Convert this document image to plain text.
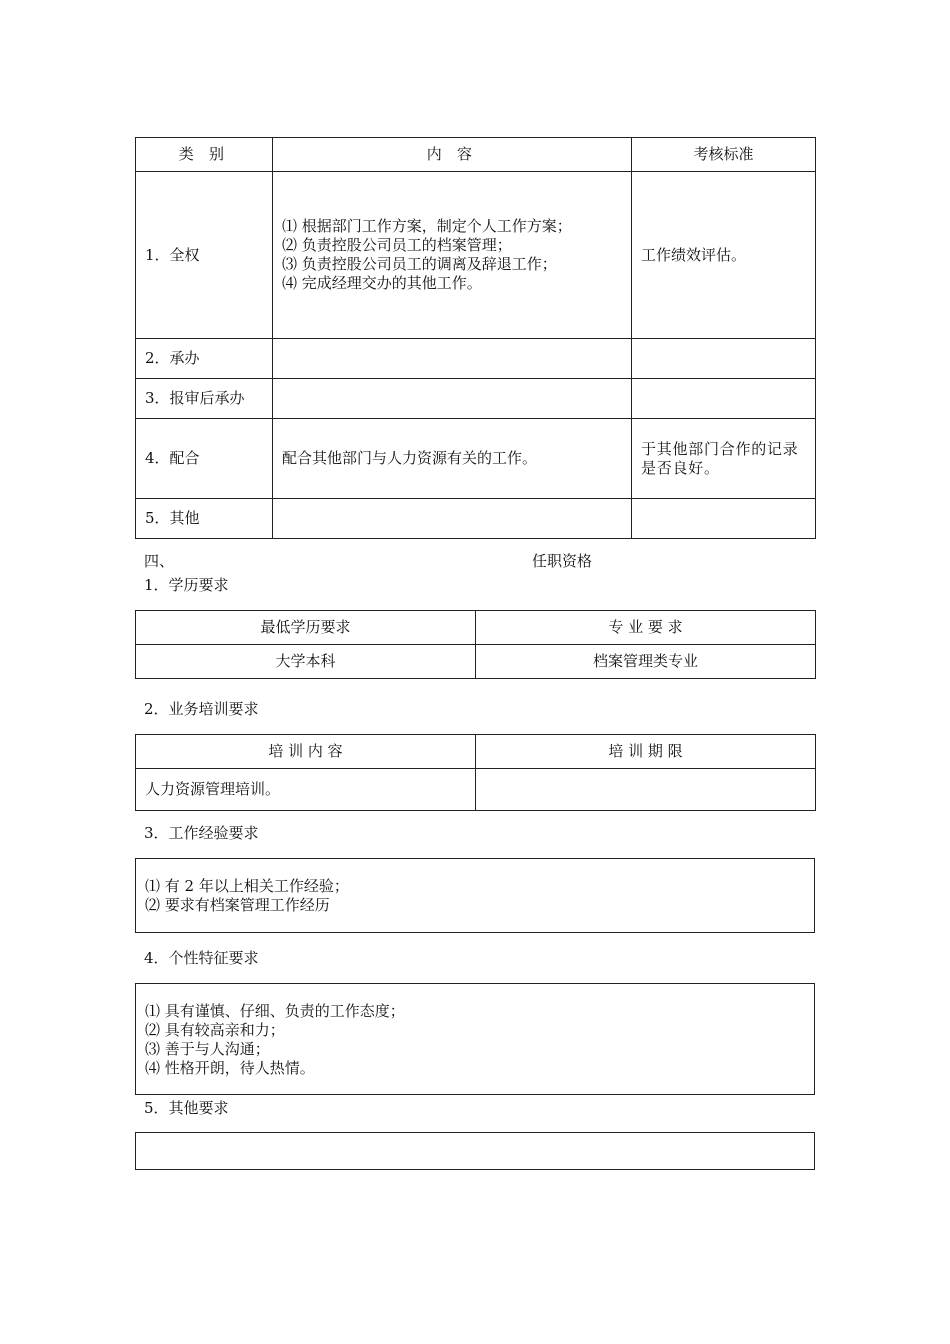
类 别	内 容	考核标准
1．全权	⑴ 根据部门工作方案，制定个人工作方案；
⑵ 负责控股公司员工的档案管理；
⑶ 负责控股公司员工的调离及辞退工作；
⑷ 完成经理交办的其他工作。	工作绩效评估。
2．承办		
3．报审后承办		
4．配合	配合其他部门与人力资源有关的工作。	于其他部门合作的记录是否良好。
5．其他		
四、	任职资格
1．学历要求
最低学历要求	专 业 要 求
大学本科	档案管理类专业
2．业务培训要求
培 训 内 容	培 训 期 限
人力资源管理培训。	
3．工作经验要求
⑴ 有 2 年以上相关工作经验；
⑵ 要求有档案管理工作经历
4．个性特征要求
⑴ 具有谨慎、仔细、负责的工作态度；
⑵ 具有较高亲和力；
⑶ 善于与人沟通；
⑷ 性格开朗，待人热情。
5．其他要求
